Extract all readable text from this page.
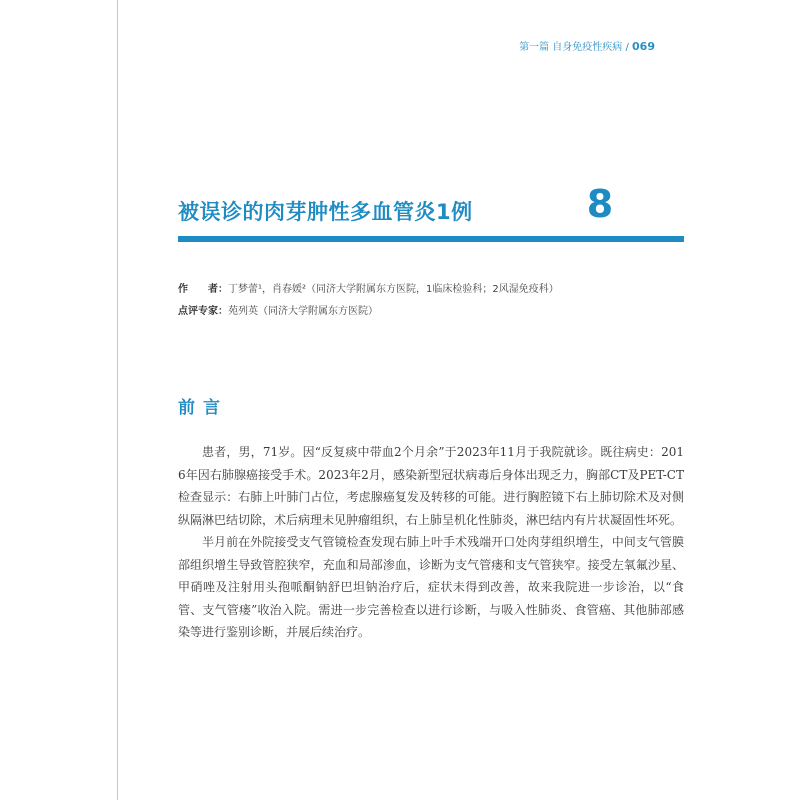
第一篇 自身免疫性疾病 / 069
被误诊的肉芽肿性多血管炎1例	8
作　　者：丁梦蕾¹，肖春媛²（同济大学附属东方医院，1临床检验科；2风湿免疫科）
点评专家：苑列英（同济大学附属东方医院）
前言

患者，男，71岁。因“反复痰中带血2个月余”于2023年11月于我院就诊。既往病史：2016年因右肺腺癌接受手术。2023年2月，感染新型冠状病毒后身体出现乏力，胸部CT及PET-CT检查显示：右肺上叶肺门占位，考虑腺癌复发及转移的可能。进行胸腔镜下右上肺切除术及对侧纵隔淋巴结切除，术后病理未见肿瘤组织，右上肺呈机化性肺炎，淋巴结内有片状凝固性坏死。

半月前在外院接受支气管镜检查发现右肺上叶手术残端开口处肉芽组织增生，中间支气管膜部组织增生导致管腔狭窄，充血和局部渗血，诊断为支气管瘘和支气管狭窄。接受左氧氟沙星、甲硝唑及注射用头孢哌酮钠舒巴坦钠治疗后，症状未得到改善，故来我院进一步诊治，以“食管、支气管瘘”收治入院。需进一步完善检查以进行诊断，与吸入性肺炎、食管癌、其他肺部感染等进行鉴别诊断，并展后续治疗。
